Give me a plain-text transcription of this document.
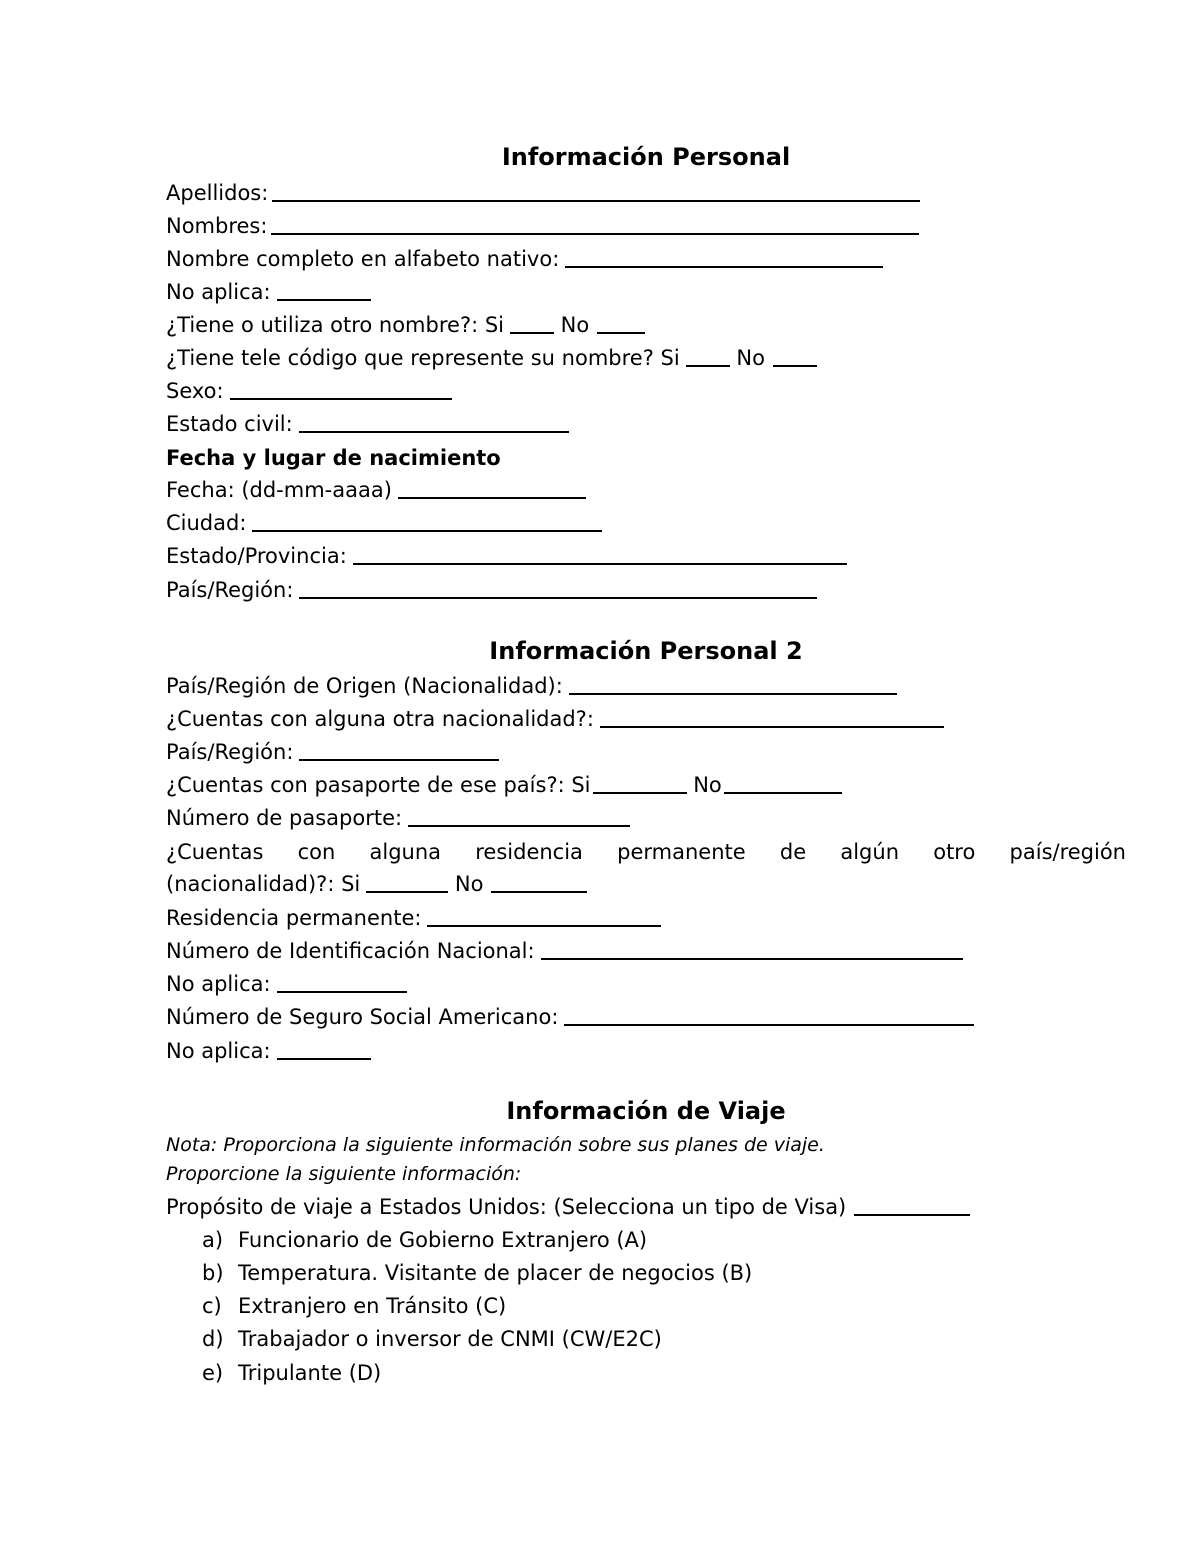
Información Personal
Apellidos:
Nombres:
Nombre completo en alfabeto nativo:
No aplica:
¿Tiene o utiliza otro nombre?: Si No
¿Tiene tele código que represente su nombre? Si No
Sexo:
Estado civil:
Fecha y lugar de nacimiento
Fecha: (dd-mm-aaaa)
Ciudad:
Estado/Provincia:
País/Región:
Información Personal 2
País/Región de Origen (Nacionalidad):
¿Cuentas con alguna otra nacionalidad?:
País/Región:
¿Cuentas con pasaporte de ese país?: Si	No
Número de pasaporte:
¿Cuentas con alguna residencia permanente de algún otro país/región
(nacionalidad)?: Si	No
Residencia permanente:
Número de Identificación Nacional:
No aplica:
Número de Seguro Social Americano:
No aplica:
Información de Viaje

Nota: Proporciona la siguiente información sobre sus planes de viaje.

Proporcione la siguiente información:

Propósito de viaje a Estados Unidos: (Selecciona un tipo de Visa)
a) Funcionario de Gobierno Extranjero (A)
b) Temperatura. Visitante de placer de negocios (B)
c) Extranjero en Tránsito (C)
d) Trabajador o inversor de CNMI (CW/E2C)
e) Tripulante (D)
